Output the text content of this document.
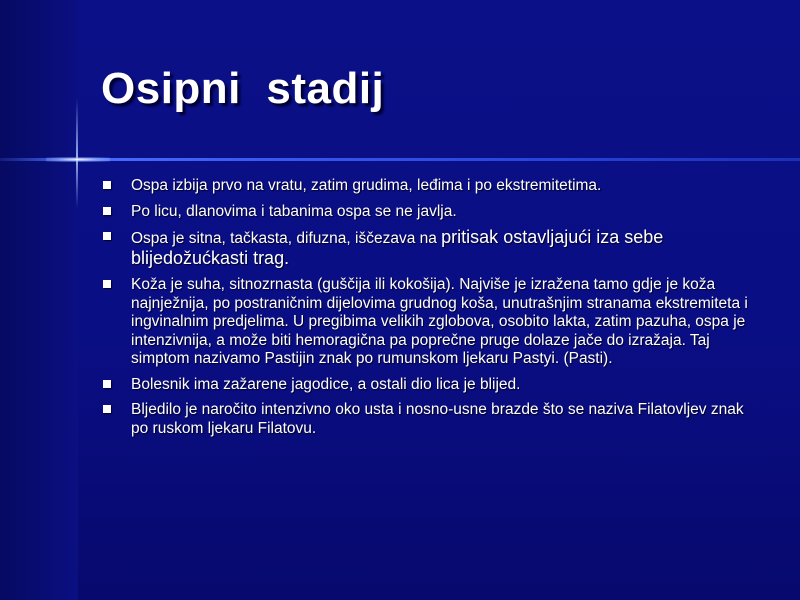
Osipni  stadij
Ospa izbija prvo na vratu, zatim grudima, leđima i po ekstremitetima.
Po licu, dlanovima i tabanima ospa se ne javlja.
Ospa je sitna, tačkasta, difuzna, iščezava na pritisak ostavljajući iza sebe blijedožućkasti trag.
Koža je suha, sitnozrnasta (guščija ili kokošija). Najviše je izražena tamo gdje je koža najnježnija, po postraničnim dijelovima grudnog koša, unutrašnjim stranama ekstremiteta i ingvinalnim predjelima. U pregibima velikih zglobova, osobito lakta, zatim pazuha, ospa je intenzivnija, a može biti hemoragična pa poprečne pruge dolaze jače do izražaja. Taj simptom nazivamo Pastijin znak po rumunskom ljekaru Pastyi. (Pasti).
Bolesnik ima zažarene jagodice, a ostali dio lica je blijed.
Bljedilo je naročito intenzivno oko usta i nosno-usne brazde što se naziva Filatovljev znak po ruskom ljekaru Filatovu.
